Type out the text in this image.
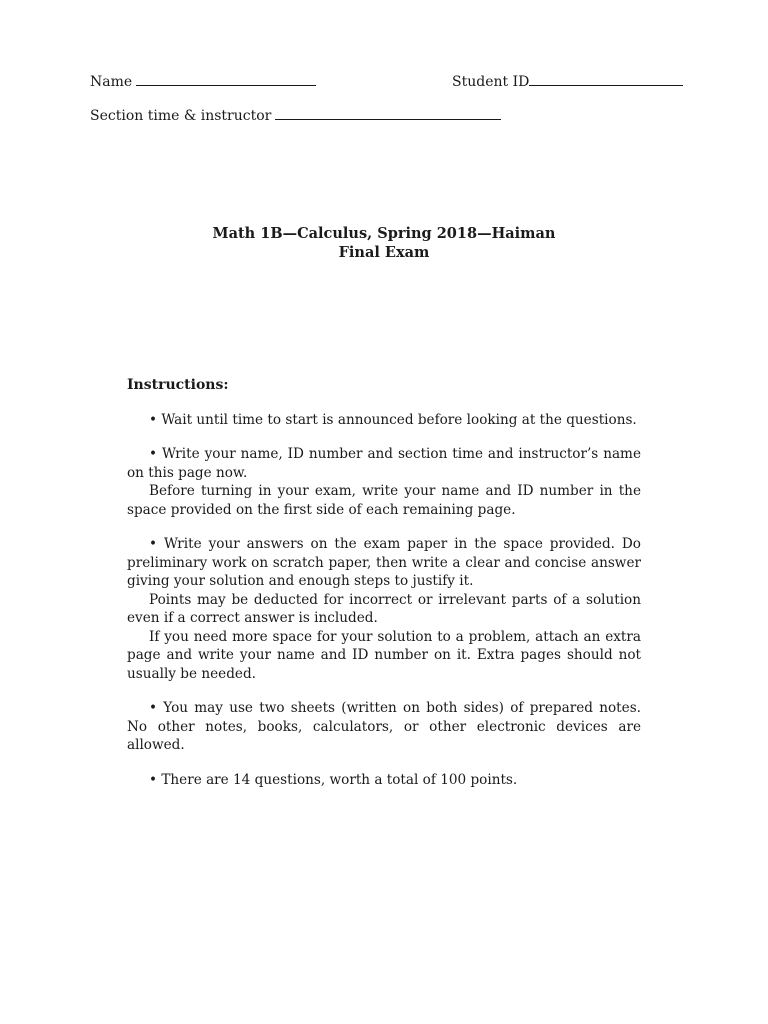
Name	Student ID
Section time & instructor
Math 1B—Calculus, Spring 2018—Haiman
Final Exam
Instructions:

• Wait until time to start is announced before looking at the questions.

• Write your name, ID number and section time and instructor’s name on this page now.

Before turning in your exam, write your name and ID number in the space provided on the first side of each remaining page.

• Write your answers on the exam paper in the space provided. Do preliminary work on scratch paper, then write a clear and concise answer giving your solution and enough steps to justify it.

Points may be deducted for incorrect or irrelevant parts of a solution even if a correct answer is included.

If you need more space for your solution to a problem, attach an extra page and write your name and ID number on it. Extra pages should not usually be needed.

• You may use two sheets (written on both sides) of prepared notes. No other notes, books, calculators, or other electronic devices are allowed.

• There are 14 questions, worth a total of 100 points.
